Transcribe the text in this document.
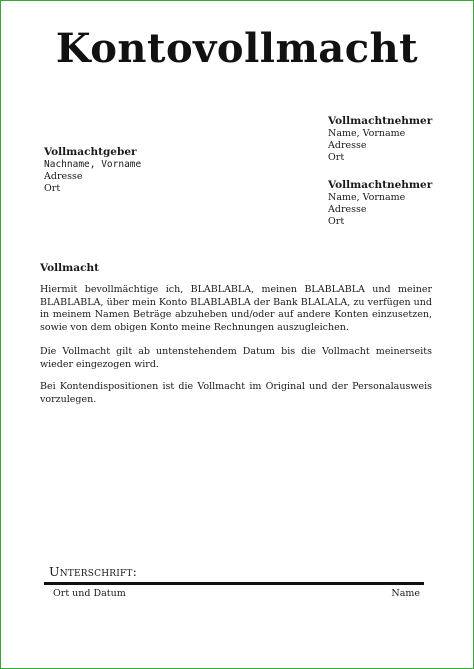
Kontovollmacht
Vollmachtgeber
Nachname, Vorname
Adresse
Ort
Vollmachtnehmer
Name, Vorname
Adresse
Ort
Vollmachtnehmer
Name, Vorname
Adresse
Ort
Vollmacht
Hiermit bevollmächtige ich, BLABLABLA, meinen BLABLABLA und meiner BLABLABLA, über mein Konto BLABLABLA der Bank BLALALA, zu verfügen und in meinem Namen Beträge abzuheben und/oder auf andere Konten einzusetzen, sowie von dem obigen Konto meine Rechnungen auszugleichen.
Die Vollmacht gilt ab untenstehendem Datum bis die Vollmacht meinerseits wieder eingezogen wird.
Bei Kontendispositionen ist die Vollmacht im Original und der Personalausweis vorzulegen.
Unterschrift:
Ort und Datum	Name
